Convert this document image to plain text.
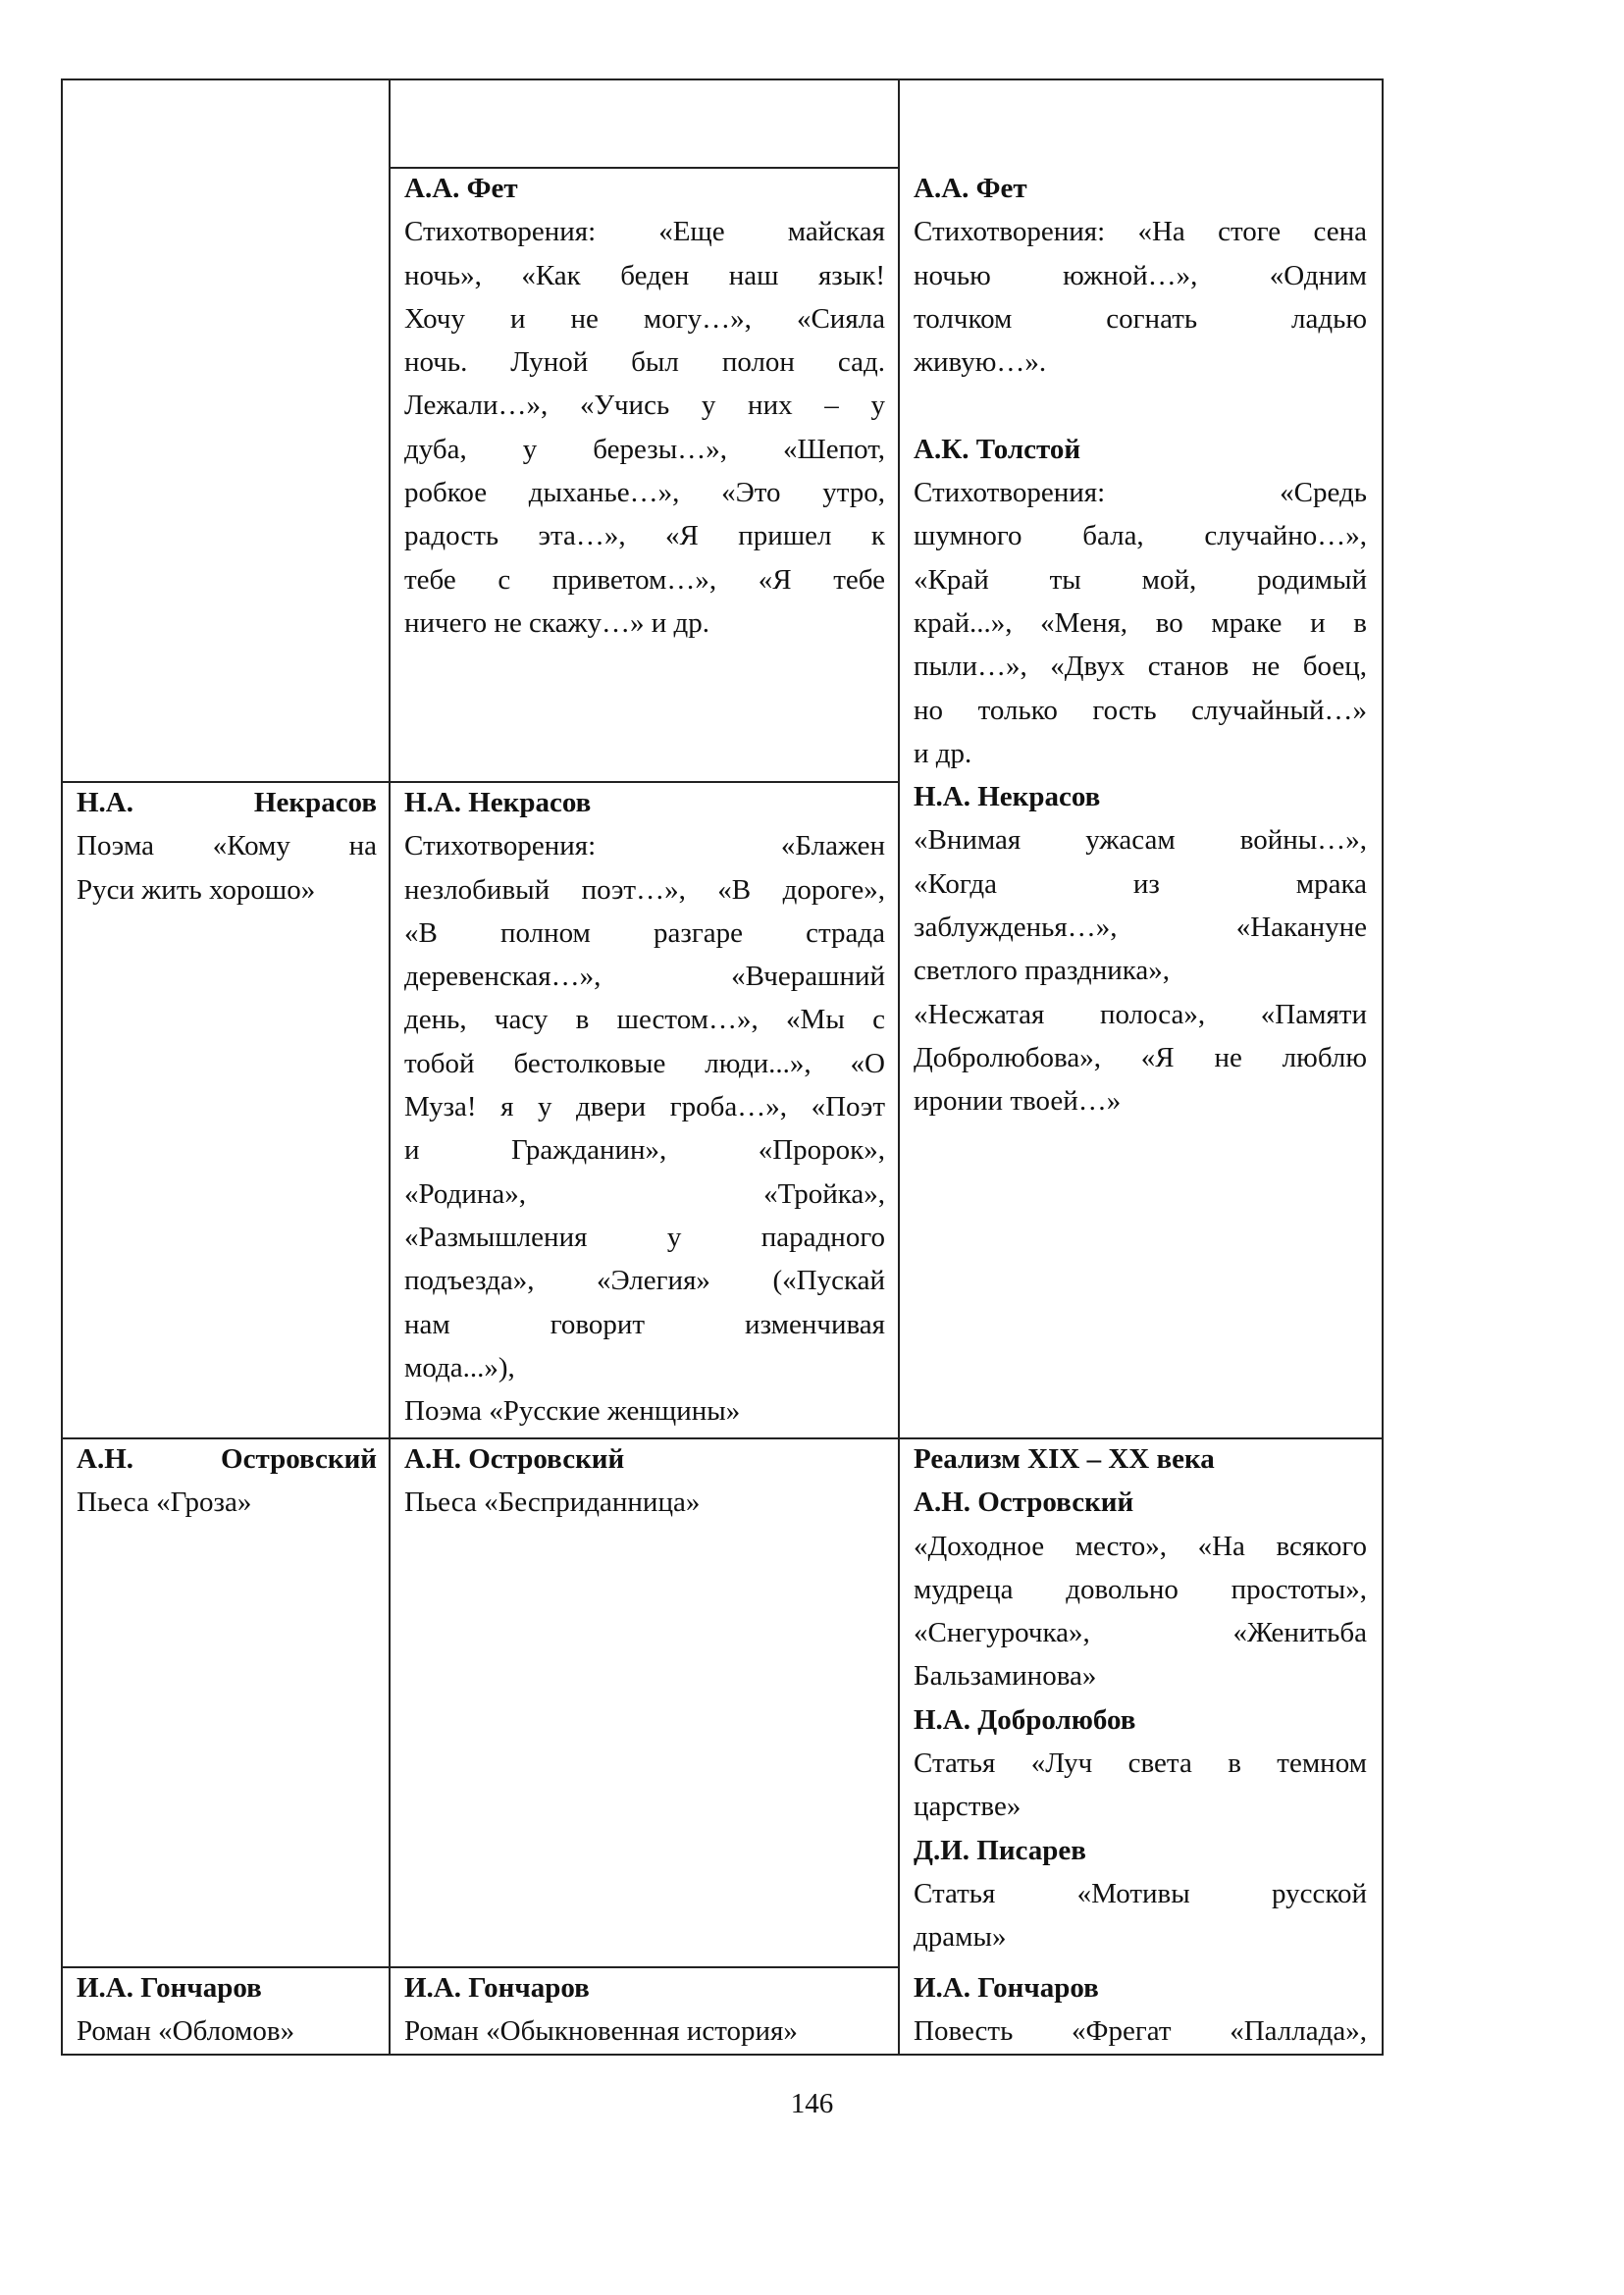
Н.А. Некрасов
Поэма «Кому на
Руси жить хорошо»
А.Н. Островский
Пьеса «Гроза»
И.А. Гончаров
Роман «Обломов»
А.А. Фет
Стихотворения: «Еще майская
ночь», «Как беден наш язык!
Хочу и не могу…», «Сияла
ночь. Луной был полон сад.
Лежали…», «Учись у них – у
дуба, у березы…», «Шепот,
робкое дыханье…», «Это утро,
радость эта…», «Я пришел к
тебе с приветом…», «Я тебе
ничего не скажу…» и др.
Н.А. Некрасов
Стихотворения: «Блажен
незлобивый поэт…», «В дороге»,
«В полном разгаре страда
деревенская…», «Вчерашний
день, часу в шестом…», «Мы с
тобой бестолковые люди...», «О
Муза! я у двери гроба…», «Поэт
и Гражданин», «Пророк»,
«Родина», «Тройка»,
«Размышления у парадного
подъезда», «Элегия» («Пускай
нам говорит изменчивая
мода...»),
Поэма «Русские женщины»
А.Н. Островский
Пьеса «Бесприданница»
И.А. Гончаров
Роман «Обыкновенная история»
А.А. Фет
Стихотворения: «На стоге сена
ночью южной…», «Одним
толчком согнать ладью
живую…».
А.К. Толстой
Стихотворения: «Средь
шумного бала, случайно…»,
«Край ты мой, родимый
край...», «Меня, во мраке и в
пыли…», «Двух станов не боец,
но только гость случайный…»
и др.
Н.А. Некрасов
«Внимая ужасам войны…»,
«Когда из мрака
заблужденья…», «Накануне
светлого праздника»,
«Несжатая полоса», «Памяти
Добролюбова», «Я не люблю
иронии твоей…»
Реализм XIX – XX века
А.Н. Островский
«Доходное место», «На всякого
мудреца довольно простоты»,
«Снегурочка», «Женитьба
Бальзаминова»
Н.А. Добролюбов
Статья «Луч света в темном
царстве»
Д.И. Писарев
Статья «Мотивы русской
драмы»
И.А. Гончаров
Повесть «Фрегат «Паллада»,
146
